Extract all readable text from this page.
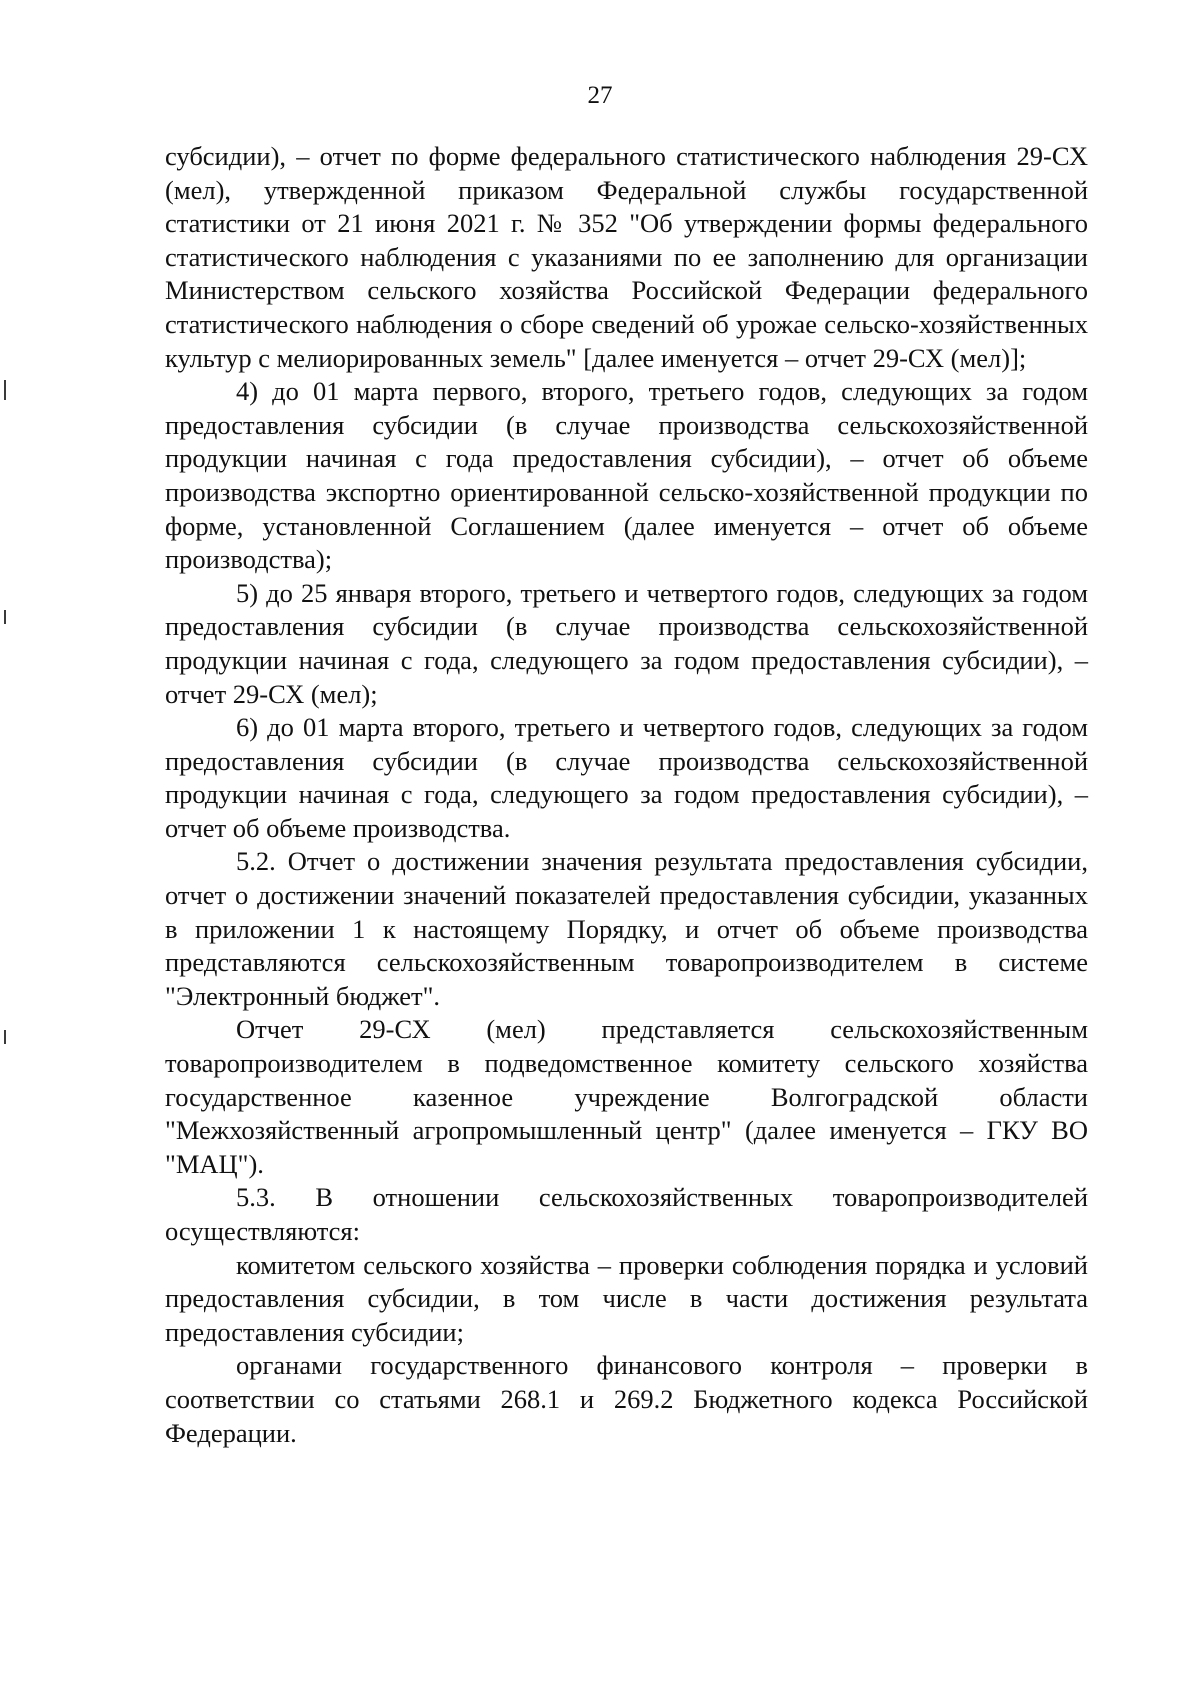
27

субсидии), – отчет по форме федерального статистического наблюдения 29-СХ (мел), утвержденной приказом Федеральной службы государственной статистики от 21 июня 2021 г. № 352 "Об утверждении формы федерального статистического наблюдения с указаниями по ее заполнению для организации Министерством сельского хозяйства Российской Федерации федерального статистического наблюдения о сборе сведений об урожае сельско-хозяйственных культур с мелиорированных земель" [далее именуется – отчет 29-СХ (мел)];

4) до 01 марта первого, второго, третьего годов, следующих за годом предоставления субсидии (в случае производства сельскохозяйственной продукции начиная с года предоставления субсидии), – отчет об объеме производства экспортно ориентированной сельско-хозяйственной продукции по форме, установленной Соглашением (далее именуется – отчет об объеме производства);

5) до 25 января второго, третьего и четвертого годов, следующих за годом предоставления субсидии (в случае производства сельскохозяйственной продукции начиная с года, следующего за годом предоставления субсидии), – отчет 29-СХ (мел);

6) до 01 марта второго, третьего и четвертого годов, следующих за годом предоставления субсидии (в случае производства сельскохозяйственной продукции начиная с года, следующего за годом предоставления субсидии), – отчет об объеме производства.

5.2. Отчет о достижении значения результата предоставления субсидии, отчет о достижении значений показателей предоставления субсидии, указанных в приложении 1 к настоящему Порядку, и отчет об объеме производства представляются сельскохозяйственным товаропроизводителем в системе "Электронный бюджет".

Отчет 29-СХ (мел) представляется сельскохозяйственным товаропроизводителем в подведомственное комитету сельского хозяйства государственное казенное учреждение Волгоградской области "Межхозяйственный агропромышленный центр" (далее именуется – ГКУ ВО "МАЦ").

5.3. В отношении сельскохозяйственных товаропроизводителей осуществляются:

комитетом сельского хозяйства – проверки соблюдения порядка и условий предоставления субсидии, в том числе в части достижения результата предоставления субсидии;

органами государственного финансового контроля – проверки в соответствии со статьями 268.1 и 269.2 Бюджетного кодекса Российской Федерации.
